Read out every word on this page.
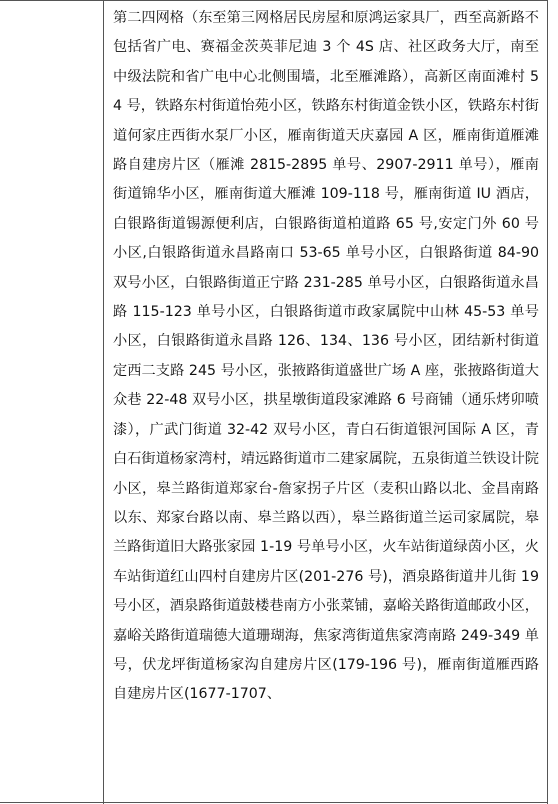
第二四网格（东至第三网格居民房屋和原鸿运家具厂，西至高新路不包括省广电、赛福金茨英菲尼迪 3 个 4S 店、社区政务大厅，南至中级法院和省广电中心北侧围墙，北至雁滩路），高新区南面滩村 54 号，铁路东村街道怡苑小区，铁路东村街道金铁小区，铁路东村街道何家庄西街水泵厂小区，雁南街道天庆嘉园 A 区，雁南街道雁滩路自建房片区（雁滩 2815-2895 单号、2907-2911 单号），雁南街道锦华小区，雁南街道大雁滩 109-118 号，雁南街道 IU 酒店，白银路街道锡源便利店，白银路街道柏道路 65 号,安定门外 60 号小区,白银路街道永昌路南口 53-65 单号小区，白银路街道 84-90 双号小区，白银路街道正宁路 231-285 单号小区，白银路街道永昌路 115-123 单号小区，白银路街道市政家属院中山林 45-53 单号小区，白银路街道永昌路 126、134、136 号小区，团结新村街道定西二支路 245 号小区，张掖路街道盛世广场 A 座，张掖路街道大众巷 22-48 双号小区，拱星墩街道段家滩路 6 号商铺（通乐烤卯喷漆），广武门街道 32-42 双号小区，青白石街道银河国际 A 区，青白石街道杨家湾村，靖远路街道市二建家属院，五泉街道兰铁设计院小区，皋兰路街道郑家台-詹家拐子片区（麦积山路以北、金昌南路以东、郑家台路以南、皋兰路以西），皋兰路街道兰运司家属院，皋兰路街道旧大路张家园 1-19 号单号小区，火车站街道绿茵小区，火车站街道红山四村自建房片区(201-276 号)，酒泉路街道井儿街 19 号小区，酒泉路街道鼓楼巷南方小张菜铺，嘉峪关路街道邮政小区，嘉峪关路街道瑞德大道珊瑚海，焦家湾街道焦家湾南路 249-349 单号，伏龙坪街道杨家沟自建房片区(179-196 号)，雁南街道雁西路自建房片区(1677-1707、
